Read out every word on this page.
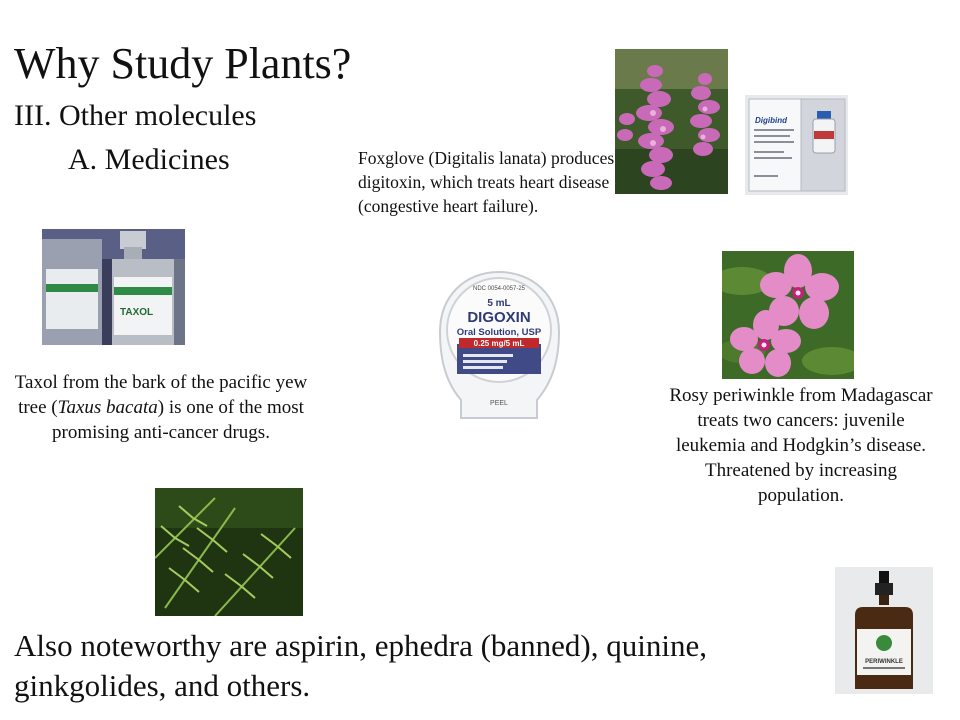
Why Study Plants?
III. Other molecules
A. Medicines	Foxglove (Digitalis lanata) produces digitoxin, which treats heart disease (congestive heart failure).
Taxol from the bark of the pacific yew tree (Taxus bacata) is one of the most promising anti-cancer drugs.
Rosy periwinkle from Madagascar treats two cancers: juvenile leukemia and Hodgkin’s disease. Threatened by increasing population.
Also noteworthy are aspirin, ephedra (banned), quinine, ginkgolides, and others.
TAXOL
NDC 0054-0057-25
5 mL
DIGOXIN
Oral Solution, USP
0.25 mg/5 mL
PEEL
Digibind
PERIWINKLE
